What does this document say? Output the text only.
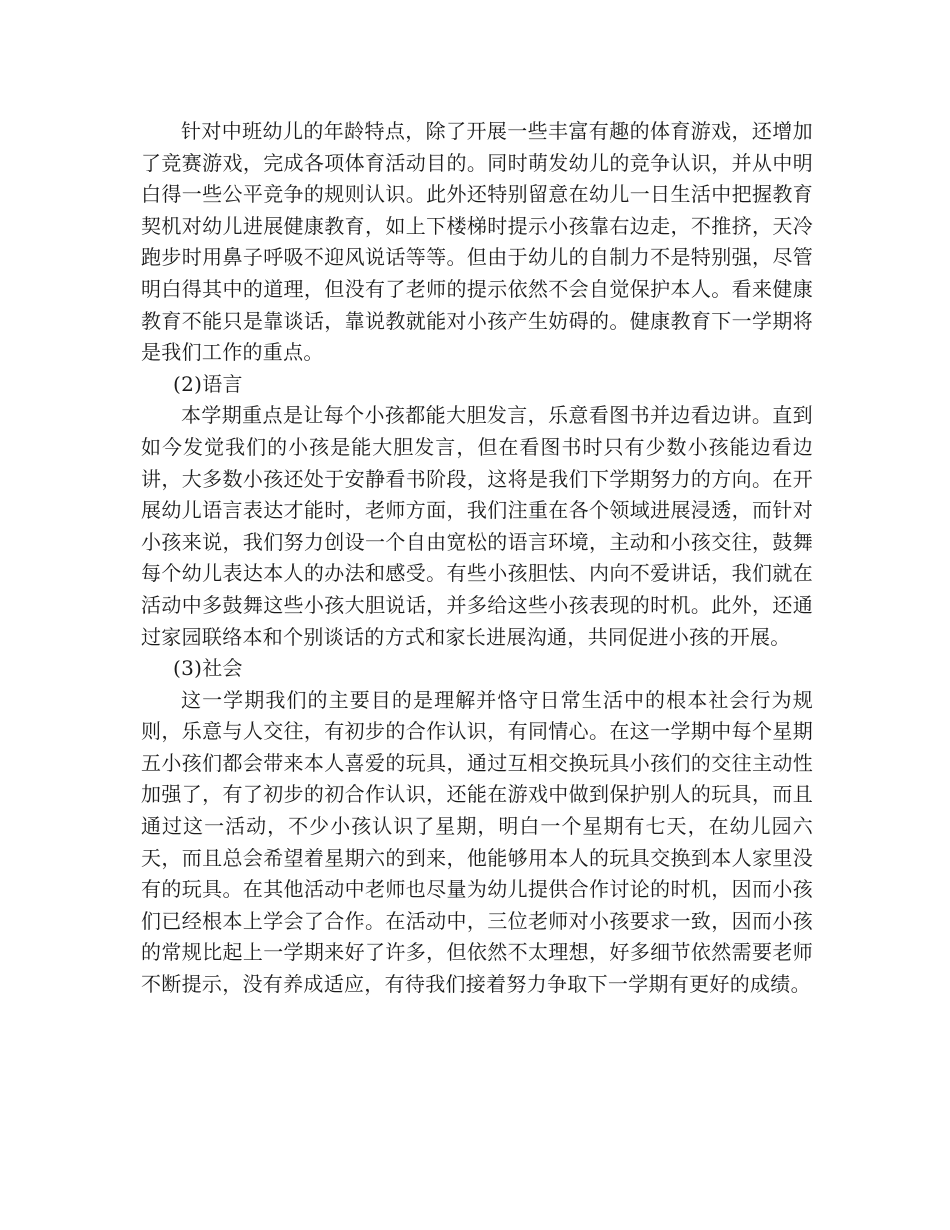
针对中班幼儿的年龄特点，除了开展一些丰富有趣的体育游戏，还增加了竞赛游戏，完成各项体育活动目的。同时萌发幼儿的竞争认识，并从中明白得一些公平竞争的规则认识。此外还特别留意在幼儿一日生活中把握教育契机对幼儿进展健康教育，如上下楼梯时提示小孩靠右边走，不推挤，天冷跑步时用鼻子呼吸不迎风说话等等。但由于幼儿的自制力不是特别强，尽管明白得其中的道理，但没有了老师的提示依然不会自觉保护本人。看来健康教育不能只是靠谈话，靠说教就能对小孩产生妨碍的。健康教育下一学期将是我们工作的重点。

(2)语言

本学期重点是让每个小孩都能大胆发言，乐意看图书并边看边讲。直到如今发觉我们的小孩是能大胆发言，但在看图书时只有少数小孩能边看边讲，大多数小孩还处于安静看书阶段，这将是我们下学期努力的方向。在开展幼儿语言表达才能时，老师方面，我们注重在各个领域进展浸透，而针对小孩来说，我们努力创设一个自由宽松的语言环境，主动和小孩交往，鼓舞每个幼儿表达本人的办法和感受。有些小孩胆怯、内向不爱讲话，我们就在活动中多鼓舞这些小孩大胆说话，并多给这些小孩表现的时机。此外，还通过家园联络本和个别谈话的方式和家长进展沟通，共同促进小孩的开展。

(3)社会

这一学期我们的主要目的是理解并恪守日常生活中的根本社会行为规则，乐意与人交往，有初步的合作认识，有同情心。在这一学期中每个星期五小孩们都会带来本人喜爱的玩具，通过互相交换玩具小孩们的交往主动性加强了，有了初步的初合作认识，还能在游戏中做到保护别人的玩具，而且通过这一活动，不少小孩认识了星期，明白一个星期有七天，在幼儿园六天，而且总会希望着星期六的到来，他能够用本人的玩具交换到本人家里没有的玩具。在其他活动中老师也尽量为幼儿提供合作讨论的时机，因而小孩们已经根本上学会了合作。在活动中，三位老师对小孩要求一致，因而小孩的常规比起上一学期来好了许多，但依然不太理想，好多细节依然需要老师不断提示，没有养成适应，有待我们接着努力争取下一学期有更好的成绩。
